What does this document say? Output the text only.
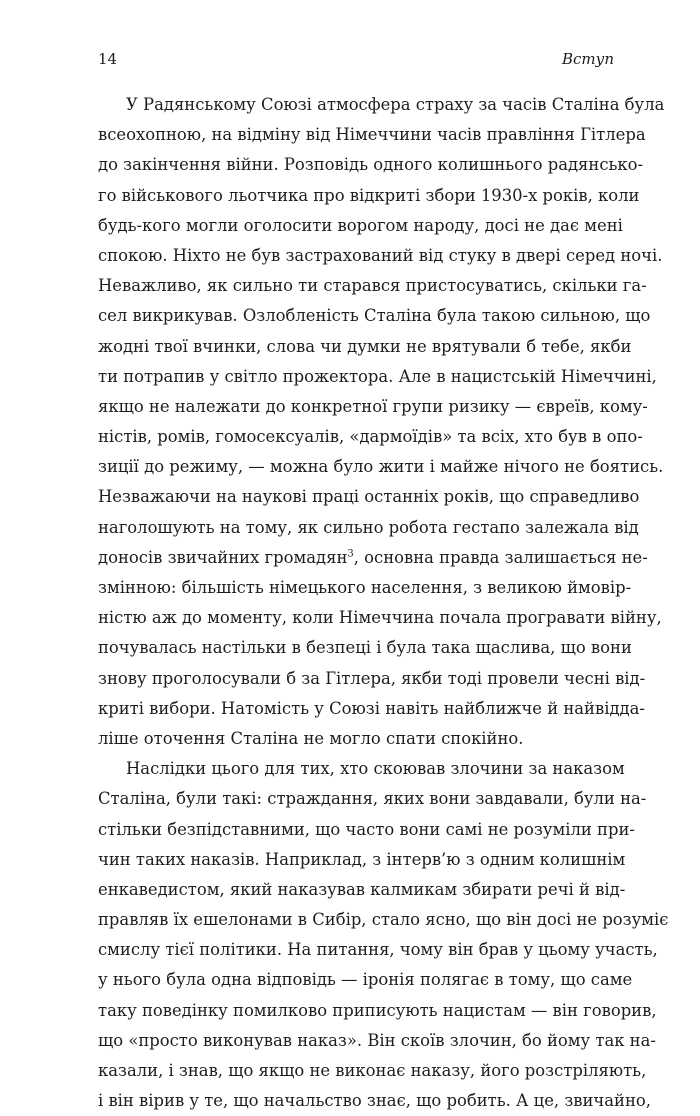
14	Вступ
У Радянському Союзі атмосфера страху за часів Сталіна була
всеохопною, на відміну від Німеччини часів правління Гітлера
до закінчення війни. Розповідь одного колишнього радянсько-
го військового льотчика про відкриті збори 1930-х років, коли
будь-кого могли оголосити ворогом народу, досі не дає мені
спокою. Ніхто не був застрахований від стуку в двері серед ночі.
Неважливо, як сильно ти старався пристосуватись, скільки га-
сел викрикував. Озлобленість Сталіна була такою сильною, що
жодні твої вчинки, слова чи думки не врятували б тебе, якби
ти потрапив у світло прожектора. Але в нацистській Німеччині,
якщо не належати до конкретної групи ризику — євреїв, кому-
ністів, ромів, гомосексуалів, «дармоїдів» та всіх, хто був в опо-
зиції до режиму, — можна було жити і майже нічого не боятись.
Незважаючи на наукові праці останніх років, що справедливо
наголошують на тому, як сильно робота гестапо залежала від
доносів звичайних громадян$^3$, основна правда залишається не-
змінною: більшість німецького населення, з великою ймовір-
ністю аж до моменту, коли Німеччина почала програвати війну,
почувалась настільки в безпеці і була така щаслива, що вони
знову проголосували б за Гітлера, якби тоді провели чесні від-
криті вибори. Натомість у Союзі навіть найближче й найвідда-
ліше оточення Сталіна не могло спати спокійно.
Наслідки цього для тих, хто скоював злочини за наказом
Сталіна, були такі: страждання, яких вони завдавали, були на-
стільки безпідставними, що часто вони самі не розуміли при-
чин таких наказів. Наприклад, з інтерв’ю з одним колишнім
енкаведистом, який наказував калмикам збирати речі й від-
правляв їх ешелонами в Сибір, стало ясно, що він досі не розуміє
смислу тієї політики. На питання, чому він брав у цьому участь,
у нього була одна відповідь — іронія полягає в тому, що саме
таку поведінку помилково приписують нацистам — він говорив,
що «просто виконував наказ». Він скоїв злочин, бо йому так на-
казали, і знав, що якщо не виконає наказу, його розстріляють,
і він вірив у те, що начальство знає, що робить. А це, звичайно,
